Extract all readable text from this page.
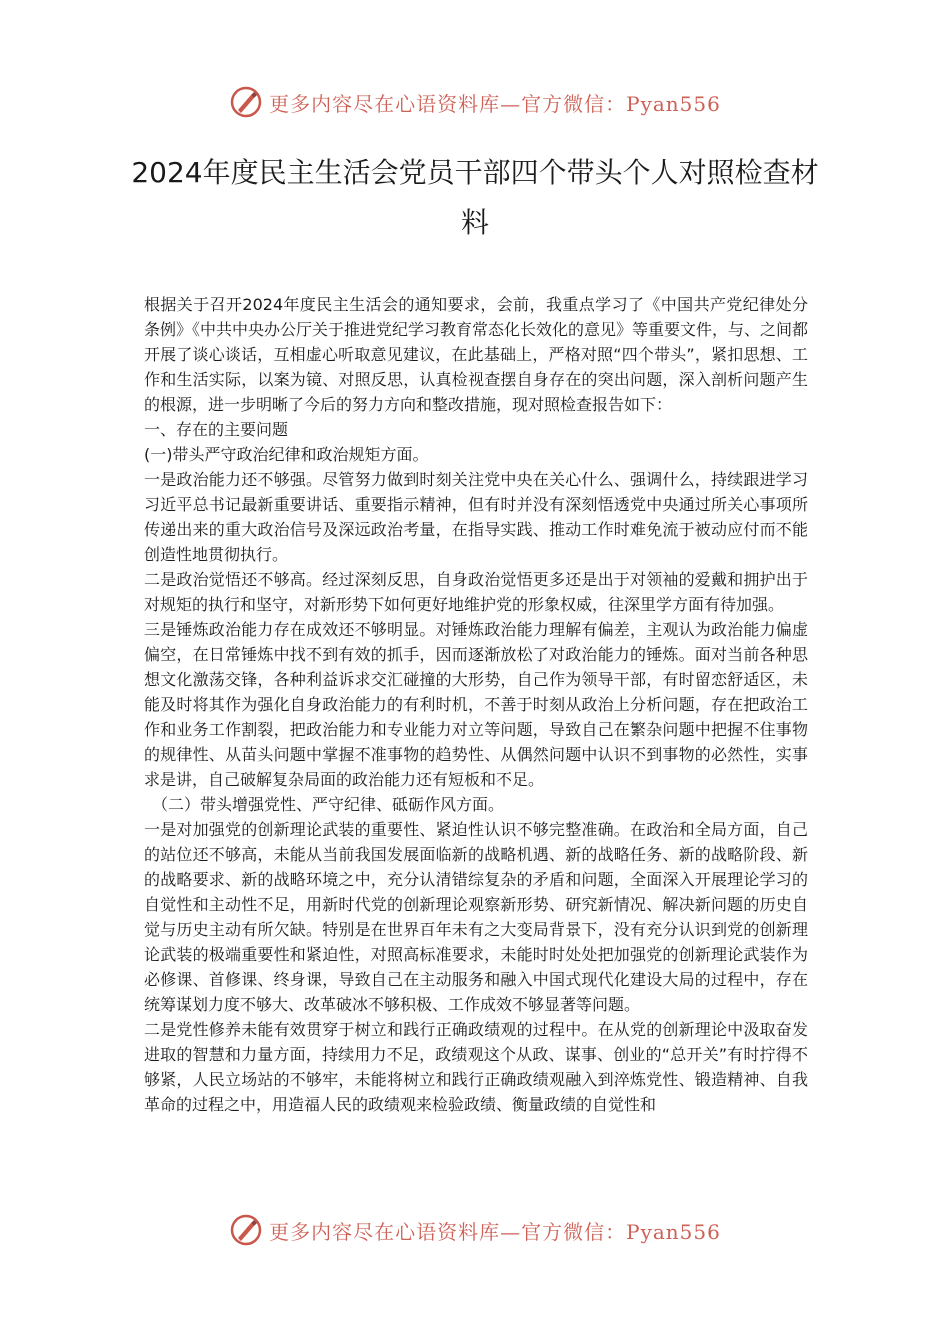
更多内容尽在心语资料库—官方微信：Pyan556
2024年度民主生活会党员干部四个带头个人对照检查材料

根据关于召开2024年度民主生活会的通知要求，会前，我重点学习了《中国共产党纪律处分条例》《中共中央办公厅关于推进党纪学习教育常态化长效化的意见》等重要文件，与、之间都开展了谈心谈话，互相虚心听取意见建议，在此基础上，严格对照“四个带头”，紧扣思想、工作和生活实际，以案为镜、对照反思，认真检视查摆自身存在的突出问题，深入剖析问题产生的根源，进一步明晰了今后的努力方向和整改措施，现对照检查报告如下：

一、存在的主要问题

(一)带头严守政治纪律和政治规矩方面。

一是政治能力还不够强。尽管努力做到时刻关注党中央在关心什么、强调什么，持续跟进学习习近平总书记最新重要讲话、重要指示精神，但有时并没有深刻悟透党中央通过所关心事项所传递出来的重大政治信号及深远政治考量，在指导实践、推动工作时难免流于被动应付而不能创造性地贯彻执行。

二是政治觉悟还不够高。经过深刻反思，自身政治觉悟更多还是出于对领袖的爱戴和拥护出于对规矩的执行和坚守，对新形势下如何更好地维护党的形象权威，往深里学方面有待加强。

三是锤炼政治能力存在成效还不够明显。对锤炼政治能力理解有偏差，主观认为政治能力偏虚偏空，在日常锤炼中找不到有效的抓手，因而逐渐放松了对政治能力的锤炼。面对当前各种思想文化激荡交锋，各种利益诉求交汇碰撞的大形势，自己作为领导干部，有时留恋舒适区，未能及时将其作为强化自身政治能力的有利时机，不善于时刻从政治上分析问题，存在把政治工作和业务工作割裂，把政治能力和专业能力对立等问题，导致自己在繁杂问题中把握不住事物的规律性、从苗头问题中掌握不准事物的趋势性、从偶然问题中认识不到事物的必然性，实事求是讲，自己破解复杂局面的政治能力还有短板和不足。

（二）带头增强党性、严守纪律、砥砺作风方面。

一是对加强党的创新理论武装的重要性、紧迫性认识不够完整准确。在政治和全局方面，自己的站位还不够高，未能从当前我国发展面临新的战略机遇、新的战略任务、新的战略阶段、新的战略要求、新的战略环境之中，充分认清错综复杂的矛盾和问题，全面深入开展理论学习的自觉性和主动性不足，用新时代党的创新理论观察新形势、研究新情况、解决新问题的历史自觉与历史主动有所欠缺。特别是在世界百年未有之大变局背景下，没有充分认识到党的创新理论武装的极端重要性和紧迫性，对照高标准要求，未能时时处处把加强党的创新理论武装作为必修课、首修课、终身课，导致自己在主动服务和融入中国式现代化建设大局的过程中，存在统筹谋划力度不够大、改革破冰不够积极、工作成效不够显著等问题。

二是党性修养未能有效贯穿于树立和践行正确政绩观的过程中。在从党的创新理论中汲取奋发进取的智慧和力量方面，持续用力不足，政绩观这个从政、谋事、创业的“总开关”有时拧得不够紧，人民立场站的不够牢，未能将树立和践行正确政绩观融入到淬炼党性、锻造精神、自我革命的过程之中，用造福人民的政绩观来检验政绩、衡量政绩的自觉性和

更多内容尽在心语资料库—官方微信：Pyan556
